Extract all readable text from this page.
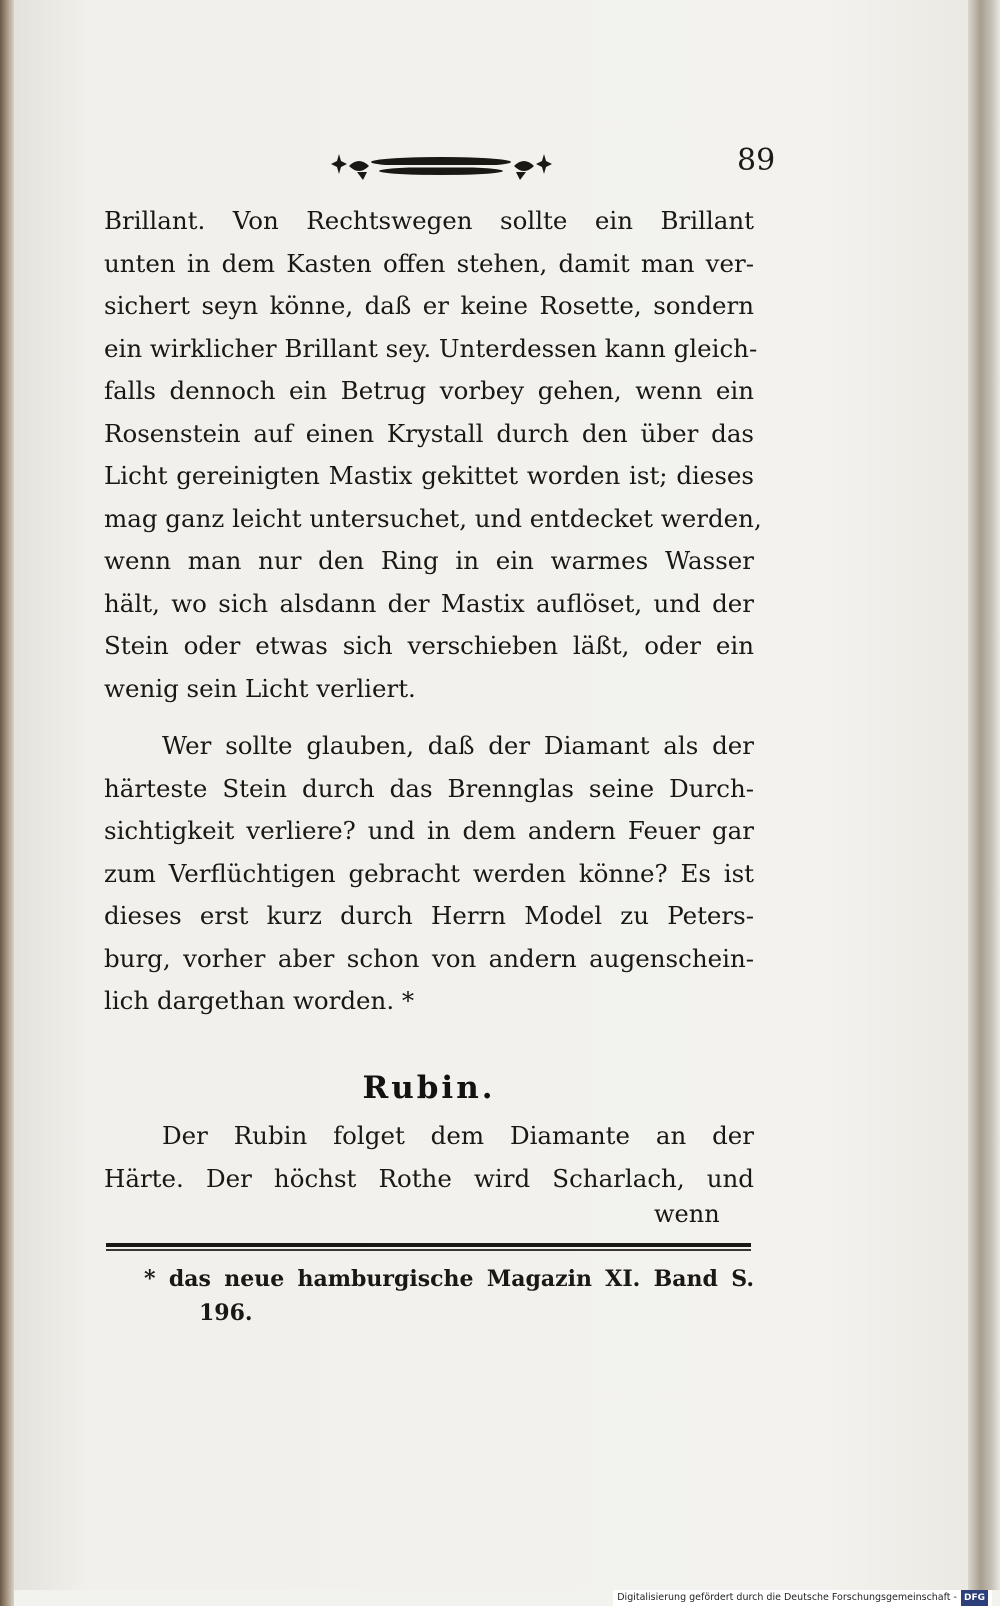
89
Brillant. Von Rechtswegen sollte ein Brillant
unten in dem Kasten offen stehen, damit man ver-
sichert seyn könne, daß er keine Rosette, sondern
ein wirklicher Brillant sey. Unterdessen kann gleich-
falls dennoch ein Betrug vorbey gehen, wenn ein
Rosenstein auf einen Krystall durch den über das
Licht gereinigten Mastix gekittet worden ist; dieses
mag ganz leicht untersuchet, und entdecket werden,
wenn man nur den Ring in ein warmes Wasser
hält, wo sich alsdann der Mastix auflöset, und der
Stein oder etwas sich verschieben läßt, oder ein
wenig sein Licht verliert.
Wer sollte glauben, daß der Diamant als der
härteste Stein durch das Brennglas seine Durch-
sichtigkeit verliere? und in dem andern Feuer gar
zum Verflüchtigen gebracht werden könne? Es ist
dieses erst kurz durch Herrn Model zu Peters-
burg, vorher aber schon von andern augenschein-
lich dargethan worden. *
Rubin.
Der Rubin folget dem Diamante an der
Härte. Der höchst Rothe wird Scharlach, und
wenn
* das neue hamburgische Magazin XI. Band S.
196.
Digitalisierung gefördert durch die Deutsche Forschungsgemeinschaft - DFG
